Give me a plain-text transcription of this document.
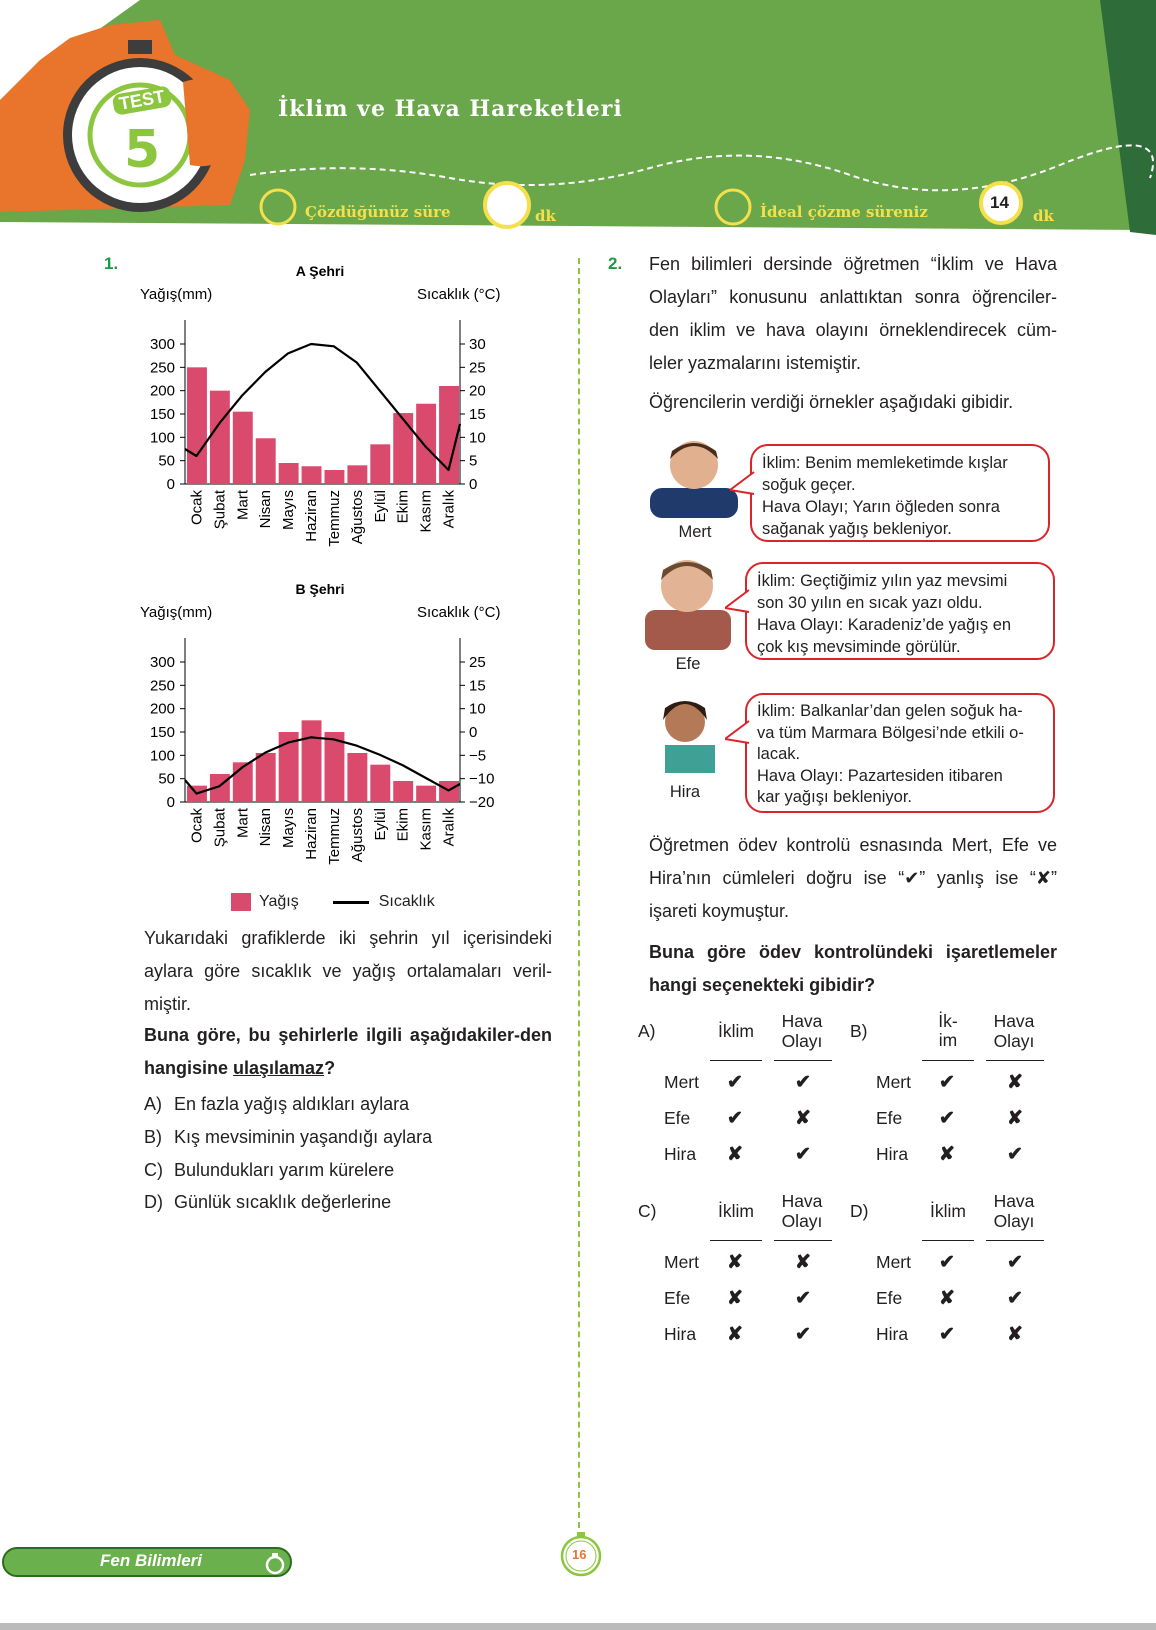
TEST
5
İklim ve Hava Hareketleri
Çözdüğünüz süre	dk	İdeal çözme süreniz	14
dk
1.	A Şehri
Yağış(mm)	Sıcaklık (°C)
300	30
250	25
200	20
150	15
100	10
50	5
0	0
Ocak Şubat Mart Nisan Mayıs Haziran Temmuz Ağustos Eylül Ekim Kasım Aralık
B Şehri
Yağış(mm)	Sıcaklık (°C)
300	25
250	15
200	10
150	0
100	−5
50	−10
0	−20
Ocak Şubat Mart Nisan Mayıs Haziran Temmuz Ağustos Eylül Ekim Kasım Aralık
Yağış	Sıcaklık
Yukarıdaki grafiklerde iki şehrin yıl içerisindeki aylara göre sıcaklık ve yağış ortalamaları veril-miştir.
Buna göre, bu şehirlerle ilgili aşağıdakiler-den hangisine ulaşılamaz?
A) En fazla yağış aldıkları aylara
B) Kış mevsiminin yaşandığı aylara
C) Bulundukları yarım kürelere
D) Günlük sıcaklık değerlerine
2. Fen bilimleri dersinde öğretmen “İklim ve Hava Olayları” konusunu anlattıktan sonra öğrenciler-den iklim ve hava olayını örneklendirecek cüm-leler yazmalarını istemiştir.
Öğrencilerin verdiği örnekler aşağıdaki gibidir.
Mert
İklim: Benim memleketimde kışlar
soğuk geçer.
Hava Olayı; Yarın öğleden sonra
sağanak yağış bekleniyor.
Efe
İklim: Geçtiğimiz yılın yaz mevsimi
son 30 yılın en sıcak yazı oldu.
Hava Olayı: Karadeniz’de yağış en
çok kış mevsiminde görülür.
Hira
İklim: Balkanlar’dan gelen soğuk ha-
va tüm Marmara Bölgesi’nde etkili o-
lacak.
Hava Olayı: Pazartesiden itibaren
kar yağışı bekleniyor.
Öğretmen ödev kontrolü esnasında Mert, Efe ve Hira’nın cümleleri doğru ise “✔” yanlış ise “✘” işareti koymuştur.
Buna göre ödev kontrolündeki işaretlemeler hangi seçenekteki gibidir?
A)	İklim	Hava
Olayı
Mert	✔	✔
Efe	✔	✘
Hira	✘	✔
B)	İk-
im
Hava
Olayı
Mert	✔	✘
Efe	✔	✘
Hira	✘	✔
C)	İklim	Hava
Olayı
Mert	✘	✘
Efe	✘	✔
Hira	✘	✔
D)	İklim	Hava
Olayı
Mert	✔	✔
Efe	✘	✔
Hira	✔	✘
Fen Bilimleri	16
